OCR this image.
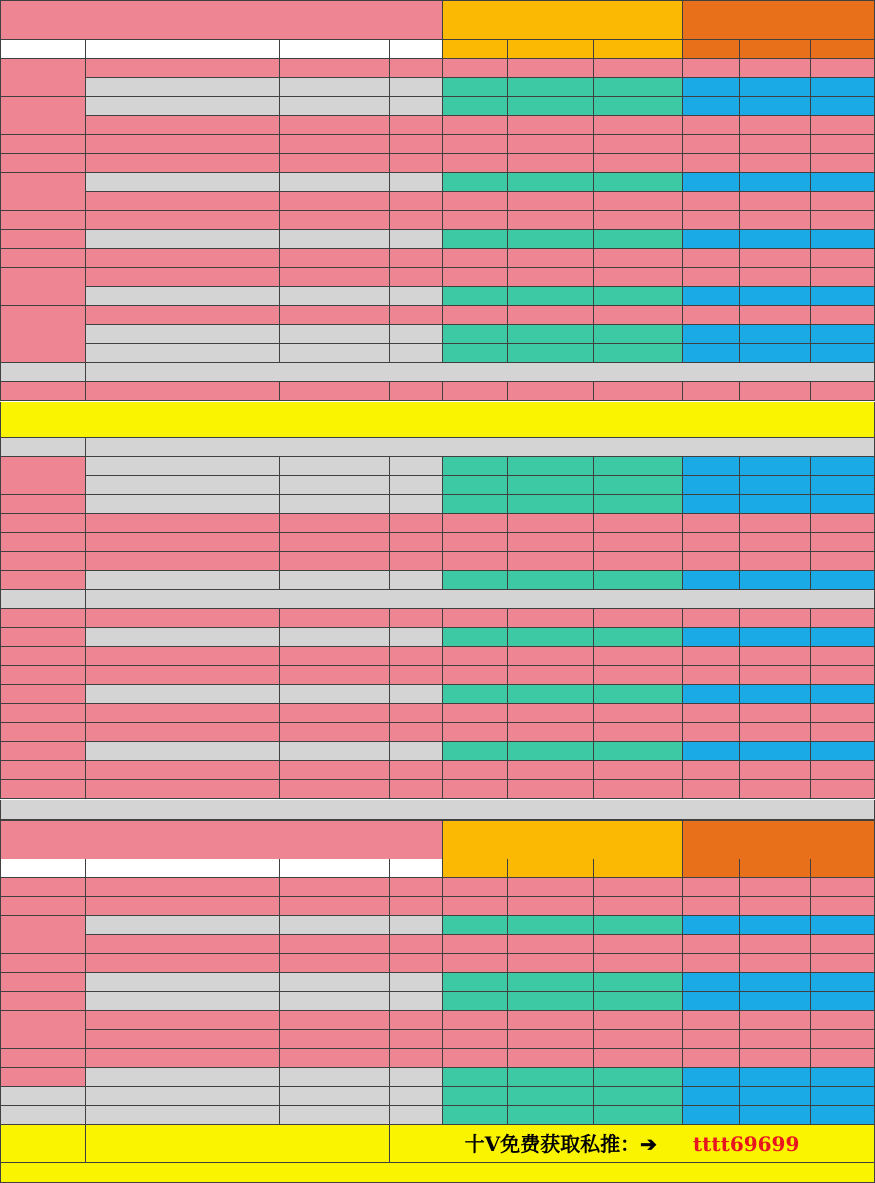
十V免费获取私推：➔ tttt69699
